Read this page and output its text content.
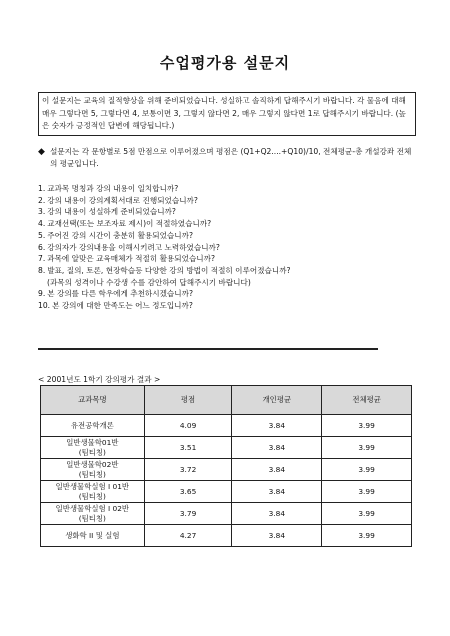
수업평가용 설문지
이 설문지는 교육의 질적향상을 위해 준비되었습니다. 성실하고 솔직하게 답해주시기 바랍니다. 각 물음에 대해 매우 그렇다면 5, 그렇다면 4, 보통이면 3, 그렇지 않다면 2, 매우 그렇지 않다면 1로 답해주시기 바랍니다. (높은 숫자가 긍정적인 답변에 해당됩니다.)
◆ 설문지는 각 문항별로 5점 만점으로 이루어졌으며 평점은 (Q1+Q2....+Q10)/10, 전체평균-총 개설강좌 전체의 평균입니다.
1. 교과목 명칭과 강의 내용이 일치합니까?
2. 강의 내용이 강의계획서대로 진행되었습니까?
3. 강의 내용이 성실하게 준비되었습니까?
4. 교재선택(또는 보조자료 제시)이 적절하였습니까?
5. 주어진 강의 시간이 충분히 활용되었습니까?
6. 강의자가 강의내용을 이해시키려고 노력하였습니까?
7. 과목에 알맞은 교육매체가 적절히 활용되었습니까?
8. 발표, 질의, 토론, 현장학습등 다양한 강의 방법이 적절히 이루어졌습니까?
(과목의 성격이나 수강생 수를 감안하여 답해주시기 바랍니다)
9. 본 강의를 다른 학우에게 추천하시겠습니까?
10. 본 강의에 대한 만족도는 어느 정도입니까?
< 2001년도 1학기 강의평가 결과 >
교과목명	평점	개인평균	전체평균

유전공학개론	4.09	3.84	3.99

일반생물학01반
(팀티칭)	3.51	3.84	3.99

일반생물학02반
(팀티칭)	3.72	3.84	3.99

일반생물학실험 I 01반
(팀티칭)	3.65	3.84	3.99

일반생물학실험 I 02반
(팀티칭)	3.79	3.84	3.99

생화학 II 및 실험	4.27	3.84	3.99
